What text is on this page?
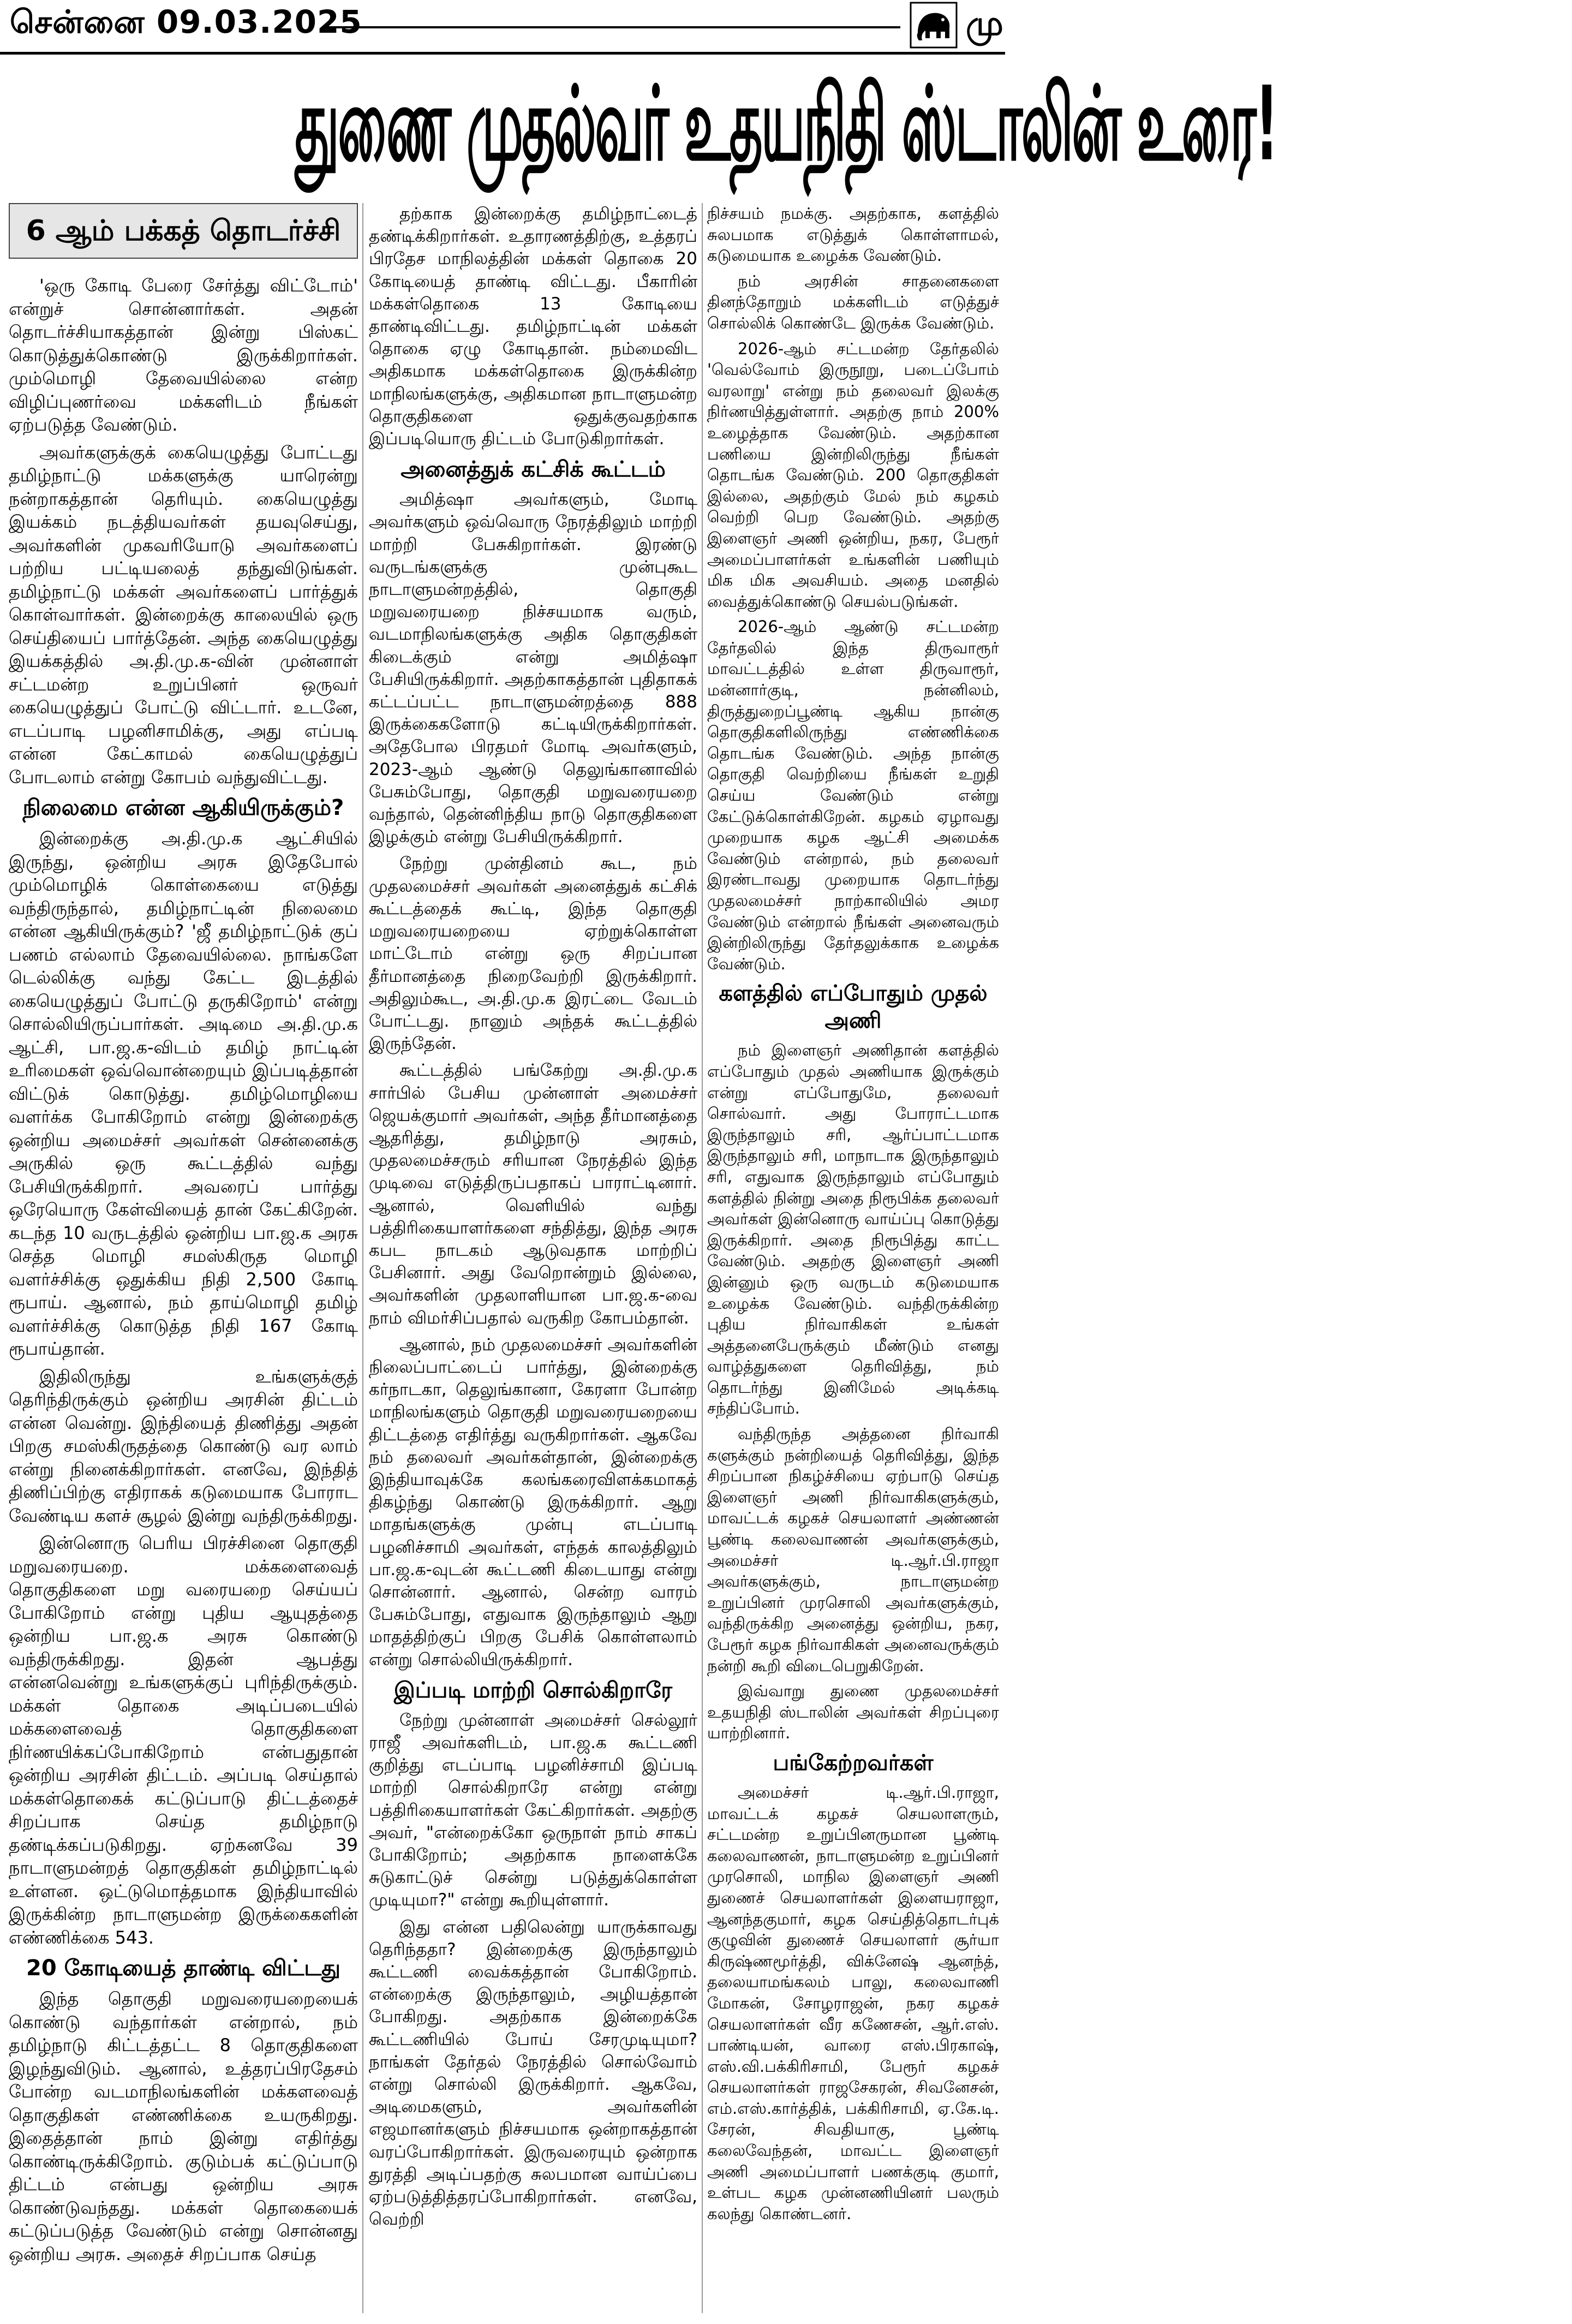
சென்னை 09.03.2025	மு
துணை முதல்வர் உதயநிதி ஸ்டாலின் உரை!
6 ஆம் பக்கத் தொடர்ச்சி

'ஒரு கோடி பேரை சேர்த்து விட்டோம்' என்றுச் சொன்னார்கள். அதன் தொடர்ச்சியாகத்தான் இன்று பிஸ்கட் கொடுத்துக்கொண்டு இருக்கிறார்கள். மும்மொழி தேவையில்லை என்ற விழிப்புணர்வை மக்களிடம் நீங்கள் ஏற்படுத்த வேண்டும்.

அவர்களுக்குக் கையெழுத்து போட்டது தமிழ்நாட்டு மக்களுக்கு யாரென்று நன்றாகத்தான் தெரியும். கையெழுத்து இயக்கம் நடத்தியவர்கள் தயவுசெய்து, அவர்களின் முகவரியோடு அவர்களைப் பற்றிய பட்டியலைத் தந்துவிடுங்கள். தமிழ்நாட்டு மக்கள் அவர்களைப் பார்த்துக் கொள்வார்கள். இன்றைக்கு காலையில் ஒரு செய்தியைப் பார்த்தேன். அந்த கையெழுத்து இயக்கத்தில் அ.தி.மு.க-வின் முன்னாள் சட்டமன்ற உறுப்பினர் ஒருவர் கையெழுத்துப் போட்டு விட்டார். உடனே, எடப்பாடி பழனிசாமிக்கு, அது எப்படி என்ன கேட்காமல் கையெழுத்துப் போடலாம் என்று கோபம் வந்துவிட்டது.

நிலைமை என்ன ஆகியிருக்கும்?

இன்றைக்கு அ.தி.மு.க ஆட்சியில் இருந்து, ஒன்றிய அரசு இதேபோல் மும்மொழிக் கொள்கையை எடுத்து வந்திருந்தால், தமிழ்நாட்டின் நிலைமை என்ன ஆகியிருக்கும்? 'ஜீ தமிழ்நாட்டுக் குப் பணம் எல்லாம் தேவையில்லை. நாங்களே டெல்லிக்கு வந்து கேட்ட இடத்தில் கையெழுத்துப் போட்டு தருகிறோம்' என்று சொல்லியிருப்பார்கள். அடிமை அ.தி.மு.க ஆட்சி, பா.ஜ.க-விடம் தமிழ் நாட்டின் உரிமைகள் ஒவ்வொன்றையும் இப்படித்தான் விட்டுக் கொடுத்து. தமிழ்மொழியை வளர்க்க போகிறோம் என்று இன்றைக்கு ஒன்றிய அமைச்சர் அவர்கள் சென்னைக்கு அருகில் ஒரு கூட்டத்தில் வந்து பேசியிருக்கிறார். அவரைப் பார்த்து ஒரேயொரு கேள்வியைத் தான் கேட்கிறேன். கடந்த 10 வருடத்தில் ஒன்றிய பா.ஜ.க அரசு செத்த மொழி சமஸ்கிருத மொழி வளர்ச்சிக்கு ஒதுக்கிய நிதி 2,500 கோடி ரூபாய். ஆனால், நம் தாய்மொழி தமிழ் வளர்ச்சிக்கு கொடுத்த நிதி 167 கோடி ரூபாய்தான்.

இதிலிருந்து உங்களுக்குத் தெரிந்திருக்கும் ஒன்றிய அரசின் திட்டம் என்ன வென்று. இந்தியைத் திணித்து அதன் பிறகு சமஸ்கிருதத்தை கொண்டு வர லாம் என்று நினைக்கிறார்கள். எனவே, இந்தித் திணிப்பிற்கு எதிராகக் கடுமையாக போராட வேண்டிய களச் சூழல் இன்று வந்திருக்கிறது.

இன்னொரு பெரிய பிரச்சினை தொகுதி மறுவரையறை. மக்களைவைத் தொகுதிகளை மறு வரையறை செய்யப் போகிறோம் என்று புதிய ஆயுதத்தை ஒன்றிய பா.ஜ.க அரசு கொண்டு வந்திருக்கிறது. இதன் ஆபத்து என்னவென்று உங்களுக்குப் புரிந்திருக்கும். மக்கள் தொகை அடிப்படையில் மக்களைவைத் தொகுதிகளை நிர்ணயிக்கப்போகிறோம் என்பதுதான் ஒன்றிய அரசின் திட்டம். அப்படி செய்தால் மக்கள்தொகைக் கட்டுப்பாடு திட்டத்தைச் சிறப்பாக செய்த தமிழ்நாடு தண்டிக்கப்படுகிறது. ஏற்கனவே 39 நாடாளுமன்றத் தொகுதிகள் தமிழ்நாட்டில் உள்ளன. ஒட்டுமொத்தமாக இந்தியாவில் இருக்கின்ற நாடாளுமன்ற இருக்கைகளின் எண்ணிக்கை 543.

20 கோடியைத் தாண்டி விட்டது

இந்த தொகுதி மறுவரையறையைக் கொண்டு வந்தார்கள் என்றால், நம் தமிழ்நாடு கிட்டத்தட்ட 8 தொகுதிகளை இழந்துவிடும். ஆனால், உத்தரப்பிரதேசம் போன்ற வடமாநிலங்களின் மக்களவைத் தொகுதிகள் எண்ணிக்கை உயருகிறது. இதைத்தான் நாம் இன்று எதிர்த்து கொண்டிருக்கிறோம். குடும்பக் கட்டுப்பாடு திட்டம் என்பது ஒன்றிய அரசு கொண்டுவந்தது. மக்கள் தொகையைக் கட்டுப்படுத்த வேண்டும் என்று சொன்னது ஒன்றிய அரசு. அதைச் சிறப்பாக செய்த

தற்காக இன்றைக்கு தமிழ்நாட்டைத் தண்டிக்கிறார்கள். உதாரணத்திற்கு, உத்தரப் பிரதேச மாநிலத்தின் மக்கள் தொகை 20 கோடியைத் தாண்டி விட்டது. பீகாரின் மக்கள்தொகை 13 கோடியை தாண்டிவிட்டது. தமிழ்நாட்டின் மக்கள் தொகை ஏழு கோடிதான். நம்மைவிட அதிகமாக மக்கள்தொகை இருக்கின்ற மாநிலங்களுக்கு, அதிகமான நாடாளுமன்ற தொகுதிகளை ஒதுக்குவதற்காக இப்படியொரு திட்டம் போடுகிறார்கள்.

அனைத்துக் கட்சிக் கூட்டம்

அமித்ஷா அவர்களும், மோடி அவர்களும் ஒவ்வொரு நேரத்திலும் மாற்றி மாற்றி பேசுகிறார்கள். இரண்டு வருடங்களுக்கு முன்புகூட நாடாளுமன்றத்தில், தொகுதி மறுவரையறை நிச்சயமாக வரும், வடமாநிலங்களுக்கு அதிக தொகுதிகள் கிடைக்கும் என்று அமித்ஷா பேசியிருக்கிறார். அதற்காகத்தான் புதிதாகக் கட்டப்பட்ட நாடாளுமன்றத்தை 888 இருக்கைகளோடு கட்டியிருக்கிறார்கள். அதேபோல பிரதமர் மோடி அவர்களும், 2023-ஆம் ஆண்டு தெலுங்கானாவில் பேசும்போது, தொகுதி மறுவரையறை வந்தால், தென்னிந்திய நாடு தொகுதிகளை இழக்கும் என்று பேசியிருக்கிறார்.

நேற்று முன்தினம் கூட, நம் முதலமைச்சர் அவர்கள் அனைத்துக் கட்சிக் கூட்டத்தைக் கூட்டி, இந்த தொகுதி மறுவரையறையை ஏற்றுக்கொள்ள மாட்டோம் என்று ஒரு சிறப்பான தீர்மானத்தை நிறைவேற்றி இருக்கிறார். அதிலும்கூட, அ.தி.மு.க இரட்டை வேடம் போட்டது. நானும் அந்தக் கூட்டத்தில் இருந்தேன்.

கூட்டத்தில் பங்கேற்று அ.தி.மு.க சார்பில் பேசிய முன்னாள் அமைச்சர் ஜெயக்குமார் அவர்கள், அந்த தீர்மானத்தை ஆதரித்து, தமிழ்நாடு அரசும், முதலமைச்சரும் சரியான நேரத்தில் இந்த முடிவை எடுத்திருப்பதாகப் பாராட்டினார். ஆனால், வெளியில் வந்து பத்திரிகையாளர்களை சந்தித்து, இந்த அரசு கபட நாடகம் ஆடுவதாக மாற்றிப் பேசினார். அது வேறொன்றும் இல்லை, அவர்களின் முதலாளியான பா.ஜ.க-வை நாம் விமர்சிப்பதால் வருகிற கோபம்தான்.

ஆனால், நம் முதலமைச்சர் அவர்களின் நிலைப்பாட்டைப் பார்த்து, இன்றைக்கு கர்நாடகா, தெலுங்கானா, கேரளா போன்ற மாநிலங்களும் தொகுதி மறுவரையறையை திட்டத்தை எதிர்த்து வருகிறார்கள். ஆகவே நம் தலைவர் அவர்கள்தான், இன்றைக்கு இந்தியாவுக்கே கலங்கரைவிளக்கமாகத் திகழ்ந்து கொண்டு இருக்கிறார். ஆறு மாதங்களுக்கு முன்பு எடப்பாடி பழனிச்சாமி அவர்கள், எந்தக் காலத்திலும் பா.ஜ.க-வுடன் கூட்டணி கிடையாது என்று சொன்னார். ஆனால், சென்ற வாரம் பேசும்போது, எதுவாக இருந்தாலும் ஆறு மாதத்திற்குப் பிறகு பேசிக் கொள்ளலாம் என்று சொல்லியிருக்கிறார்.

இப்படி மாற்றி சொல்கிறாரே

நேற்று முன்னாள் அமைச்சர் செல்லூர் ராஜீ அவர்களிடம், பா.ஜ.க கூட்டணி குறித்து எடப்பாடி பழனிச்சாமி இப்படி மாற்றி சொல்கிறாரே என்று என்று பத்திரிகையாளர்கள் கேட்கிறார்கள். அதற்கு அவர், "என்றைக்கோ ஒருநாள் நாம் சாகப் போகிறோம்; அதற்காக நாளைக்கே சுடுகாட்டுச் சென்று படுத்துக்கொள்ள முடியுமா?" என்று கூறியுள்ளார்.

இது என்ன பதிலென்று யாருக்காவது தெரிந்ததா? இன்றைக்கு இருந்தாலும் கூட்டணி வைக்கத்தான் போகிறோம். என்றைக்கு இருந்தாலும், அழியத்தான் போகிறது. அதற்காக இன்றைக்கே கூட்டணியில் போய் சேரமுடியுமா? நாங்கள் தேர்தல் நேரத்தில் சொல்வோம் என்று சொல்லி இருக்கிறார். ஆகவே, அடிமைகளும், அவர்களின் எஜமானர்களும் நிச்சயமாக ஒன்றாகத்தான் வரப்போகிறார்கள். இருவரையும் ஒன்றாக துரத்தி அடிப்பதற்கு சுலபமான வாய்ப்பை ஏற்படுத்தித்தரப்போகிறார்கள். எனவே, வெற்றி

நிச்சயம் நமக்கு. அதற்காக, களத்தில் சுலபமாக எடுத்துக் கொள்ளாமல், கடுமையாக உழைக்க வேண்டும்.

நம் அரசின் சாதனைகளை தினந்தோறும் மக்களிடம் எடுத்துச் சொல்லிக் கொண்டே இருக்க வேண்டும்.

2026-ஆம் சட்டமன்ற தேர்தலில் 'வெல்வோம் இருநூறு, படைப்போம் வரலாறு' என்று நம் தலைவர் இலக்கு நிர்ணயித்துள்ளார். அதற்கு நாம் 200% உழைத்தாக வேண்டும். அதற்கான பணியை இன்றிலிருந்து நீங்கள் தொடங்க வேண்டும். 200 தொகுதிகள் இல்லை, அதற்கும் மேல் நம் கழகம் வெற்றி பெற வேண்டும். அதற்கு இளைஞர் அணி ஒன்றிய, நகர, பேரூர் அமைப்பாளர்கள் உங்களின் பணியும் மிக மிக அவசியம். அதை மனதில் வைத்துக்கொண்டு செயல்படுங்கள்.

2026-ஆம் ஆண்டு சட்டமன்ற தேர்தலில் இந்த திருவாரூர் மாவட்டத்தில் உள்ள திருவாரூர், மன்னார்குடி, நன்னிலம், திருத்துறைப்பூண்டி ஆகிய நான்கு தொகுதிகளிலிருந்து எண்ணிக்கை தொடங்க வேண்டும். அந்த நான்கு தொகுதி வெற்றியை நீங்கள் உறுதி செய்ய வேண்டும் என்று கேட்டுக்கொள்கிறேன். கழகம் ஏழாவது முறையாக கழக ஆட்சி அமைக்க வேண்டும் என்றால், நம் தலைவர் இரண்டாவது முறையாக தொடர்ந்து முதலமைச்சர் நாற்காலியில் அமர வேண்டும் என்றால் நீங்கள் அனைவரும் இன்றிலிருந்து தேர்தலுக்காக உழைக்க வேண்டும்.

களத்தில் எப்போதும் முதல் அணி

நம் இளைஞர் அணிதான் களத்தில் எப்போதும் முதல் அணியாக இருக்கும் என்று எப்போதுமே, தலைவர் சொல்வார். அது போராட்டமாக இருந்தாலும் சரி, ஆர்ப்பாட்டமாக இருந்தாலும் சரி, மாநாடாக இருந்தாலும் சரி, எதுவாக இருந்தாலும் எப்போதும் களத்தில் நின்று அதை நிரூபிக்க தலைவர் அவர்கள் இன்னொரு வாய்ப்பு கொடுத்து இருக்கிறார். அதை நிரூபித்து காட்ட வேண்டும். அதற்கு இளைஞர் அணி இன்னும் ஒரு வருடம் கடுமையாக உழைக்க வேண்டும். வந்திருக்கின்ற புதிய நிர்வாகிகள் உங்கள் அத்தனைபேருக்கும் மீண்டும் எனது வாழ்த்துகளை தெரிவித்து, நம் தொடர்ந்து இனிமேல் அடிக்கடி சந்திப்போம்.

வந்திருந்த அத்தனை நிர்வாகி களுக்கும் நன்றியைத் தெரிவித்து, இந்த சிறப்பான நிகழ்ச்சியை ஏற்பாடு செய்த இளைஞர் அணி நிர்வாகிகளுக்கும், மாவட்டக் கழகச் செயலாளர் அண்ணன் பூண்டி கலைவாணன் அவர்களுக்கும், அமைச்சர் டி.ஆர்.பி.ராஜா அவர்களுக்கும், நாடாளுமன்ற உறுப்பினர் முரசொலி அவர்களுக்கும், வந்திருக்கிற அனைத்து ஒன்றிய, நகர, பேரூர் கழக நிர்வாகிகள் அனைவருக்கும் நன்றி கூறி விடைபெறுகிறேன்.

இவ்வாறு துணை முதலமைச்சர் உதயநிதி ஸ்டாலின் அவர்கள் சிறப்புரை யாற்றினார்.

பங்கேற்றவர்கள்

அமைச்சர் டி.ஆர்.பி.ராஜா, மாவட்டக் கழகச் செயலாளரும், சட்டமன்ற உறுப்பினருமான பூண்டி கலைவாணன், நாடாளுமன்ற உறுப்பினர் முரசொலி, மாநில இளைஞர் அணி துணைச் செயலாளர்கள் இளையராஜா, ஆனந்தகுமார், கழக செய்தித்தொடர்புக் குழுவின் துணைச் செயலாளர் சூர்யா கிருஷ்ணமூர்த்தி, விக்னேஷ் ஆனந்த், தலையாமங்கலம் பாலு, கலைவாணி மோகன், சோழராஜன், நகர கழகச் செயலாளர்கள் வீர கணேசன், ஆர்.எஸ். பாண்டியன், வாரை எஸ்.பிரகாஷ், எஸ்.வி.பக்கிரிசாமி, பேரூர் கழகச் செயலாளர்கள் ராஜசேகரன், சிவனேசன், எம்.எஸ்.கார்த்திக், பக்கிரிசாமி, ஏ.கே.டி. சேரன், சிவதியாகு, பூண்டி கலைவேந்தன், மாவட்ட இளைஞர் அணி அமைப்பாளர் பணக்குடி குமார், உள்பட கழக முன்னணியினர் பலரும் கலந்து கொண்டனர்.
